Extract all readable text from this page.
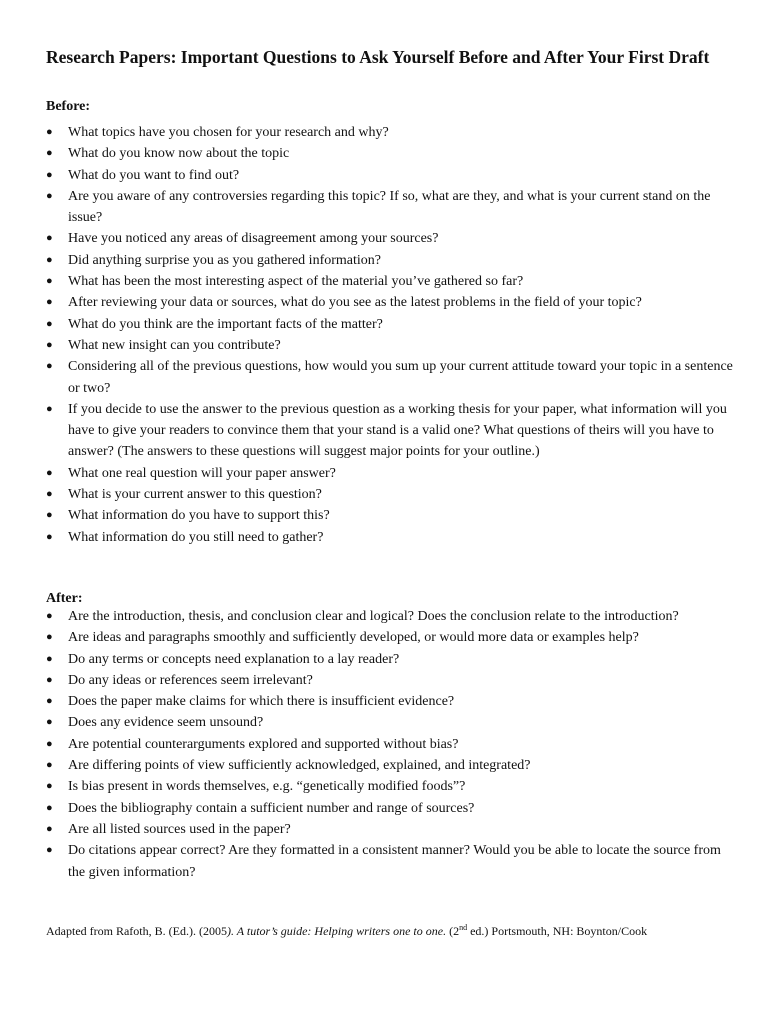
Research Papers: Important Questions to Ask Yourself Before and After Your First Draft
Before:
● What topics have you chosen for your research and why?
● What do you know now about the topic
● What do you want to find out?
● Are you aware of any controversies regarding this topic? If so, what are they, and what is your current stand on the issue?
● Have you noticed any areas of disagreement among your sources?
● Did anything surprise you as you gathered information?
● What has been the most interesting aspect of the material you’ve gathered so far?
● After reviewing your data or sources, what do you see as the latest problems in the field of your topic?
● What do you think are the important facts of the matter?
● What new insight can you contribute?
● Considering all of the previous questions, how would you sum up your current attitude toward your topic in a sentence or two?
● If you decide to use the answer to the previous question as a working thesis for your paper, what information will you have to give your readers to convince them that your stand is a valid one? What questions of theirs will you have to answer? (The answers to these questions will suggest major points for your outline.)
● What one real question will your paper answer?
● What is your current answer to this question?
● What information do you have to support this?
● What information do you still need to gather?
After:
● Are the introduction, thesis, and conclusion clear and logical? Does the conclusion relate to the introduction?
● Are ideas and paragraphs smoothly and sufficiently developed, or would more data or examples help?
● Do any terms or concepts need explanation to a lay reader?
● Do any ideas or references seem irrelevant?
● Does the paper make claims for which there is insufficient evidence?
● Does any evidence seem unsound?
● Are potential counterarguments explored and supported without bias?
● Are differing points of view sufficiently acknowledged, explained, and integrated?
● Is bias present in words themselves, e.g. “genetically modified foods”?
● Does the bibliography contain a sufficient number and range of sources?
● Are all listed sources used in the paper?
● Do citations appear correct? Are they formatted in a consistent manner? Would you be able to locate the source from the given information?

Adapted from Rafoth, B. (Ed.). (2005). A tutor’s guide: Helping writers one to one. (2nd ed.) Portsmouth, NH: Boynton/Cook
